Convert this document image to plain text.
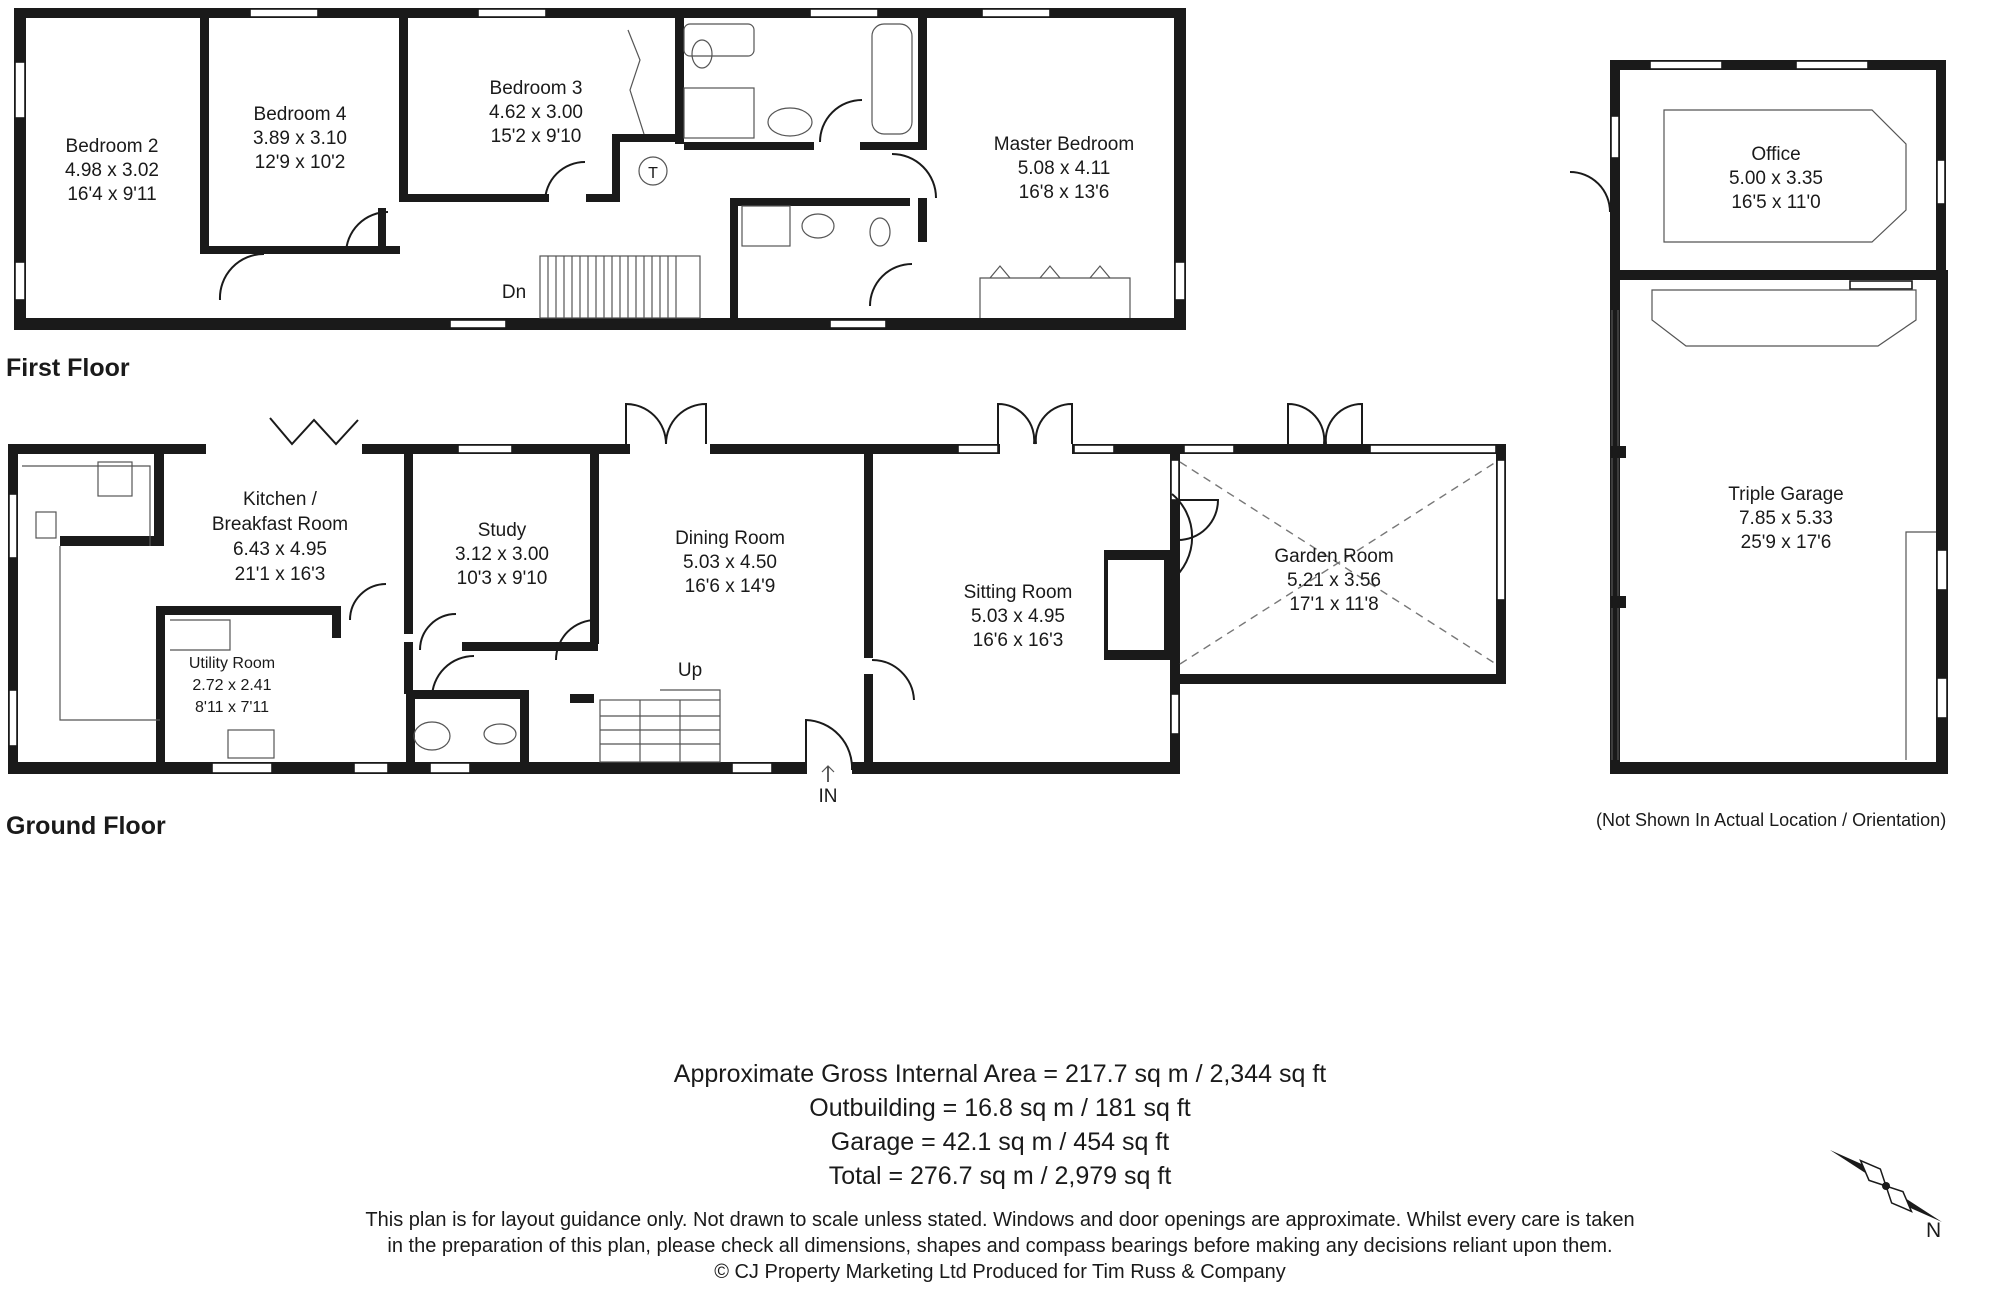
First Floor
Ground Floor
Bedroom 2
4.98 x 3.02
16'4 x 9'11
Bedroom 4
3.89 x 3.10
12'9 x 10'2
Bedroom 3
4.62 x 3.00
15'2 x 9'10	Master Bedroom
5.08 x 4.11
16'8 x 13'6
Dn
T
Office
5.00 x 3.35
16'5 x 11'0
Triple Garage
7.85 x 5.33
25'9 x 17'6
(Not Shown In Actual Location / Orientation)
Kitchen /
Breakfast Room
6.43 x 4.95
21'1 x 16'3
Study
3.12 x 3.00
10'3 x 9'10
Dining Room
5.03 x 4.50
16'6 x 14'9	Sitting Room
5.03 x 4.95
16'6 x 16'3
Garden Room
5.21 x 3.56
17'1 x 11'8
Utility Room
2.72 x 2.41
8'11 x 7'11
Up
IN
Approximate Gross Internal Area = 217.7 sq m / 2,344 sq ft
Outbuilding = 16.8 sq m / 181 sq ft
Garage = 42.1 sq m / 454 sq ft
Total = 276.7 sq m / 2,979 sq ft
This plan is for layout guidance only. Not drawn to scale unless stated. Windows and door openings are approximate. Whilst every care is taken
in the preparation of this plan, please check all dimensions, shapes and compass bearings before making any decisions reliant upon them.
© CJ Property Marketing Ltd Produced for Tim Russ & Company
N
